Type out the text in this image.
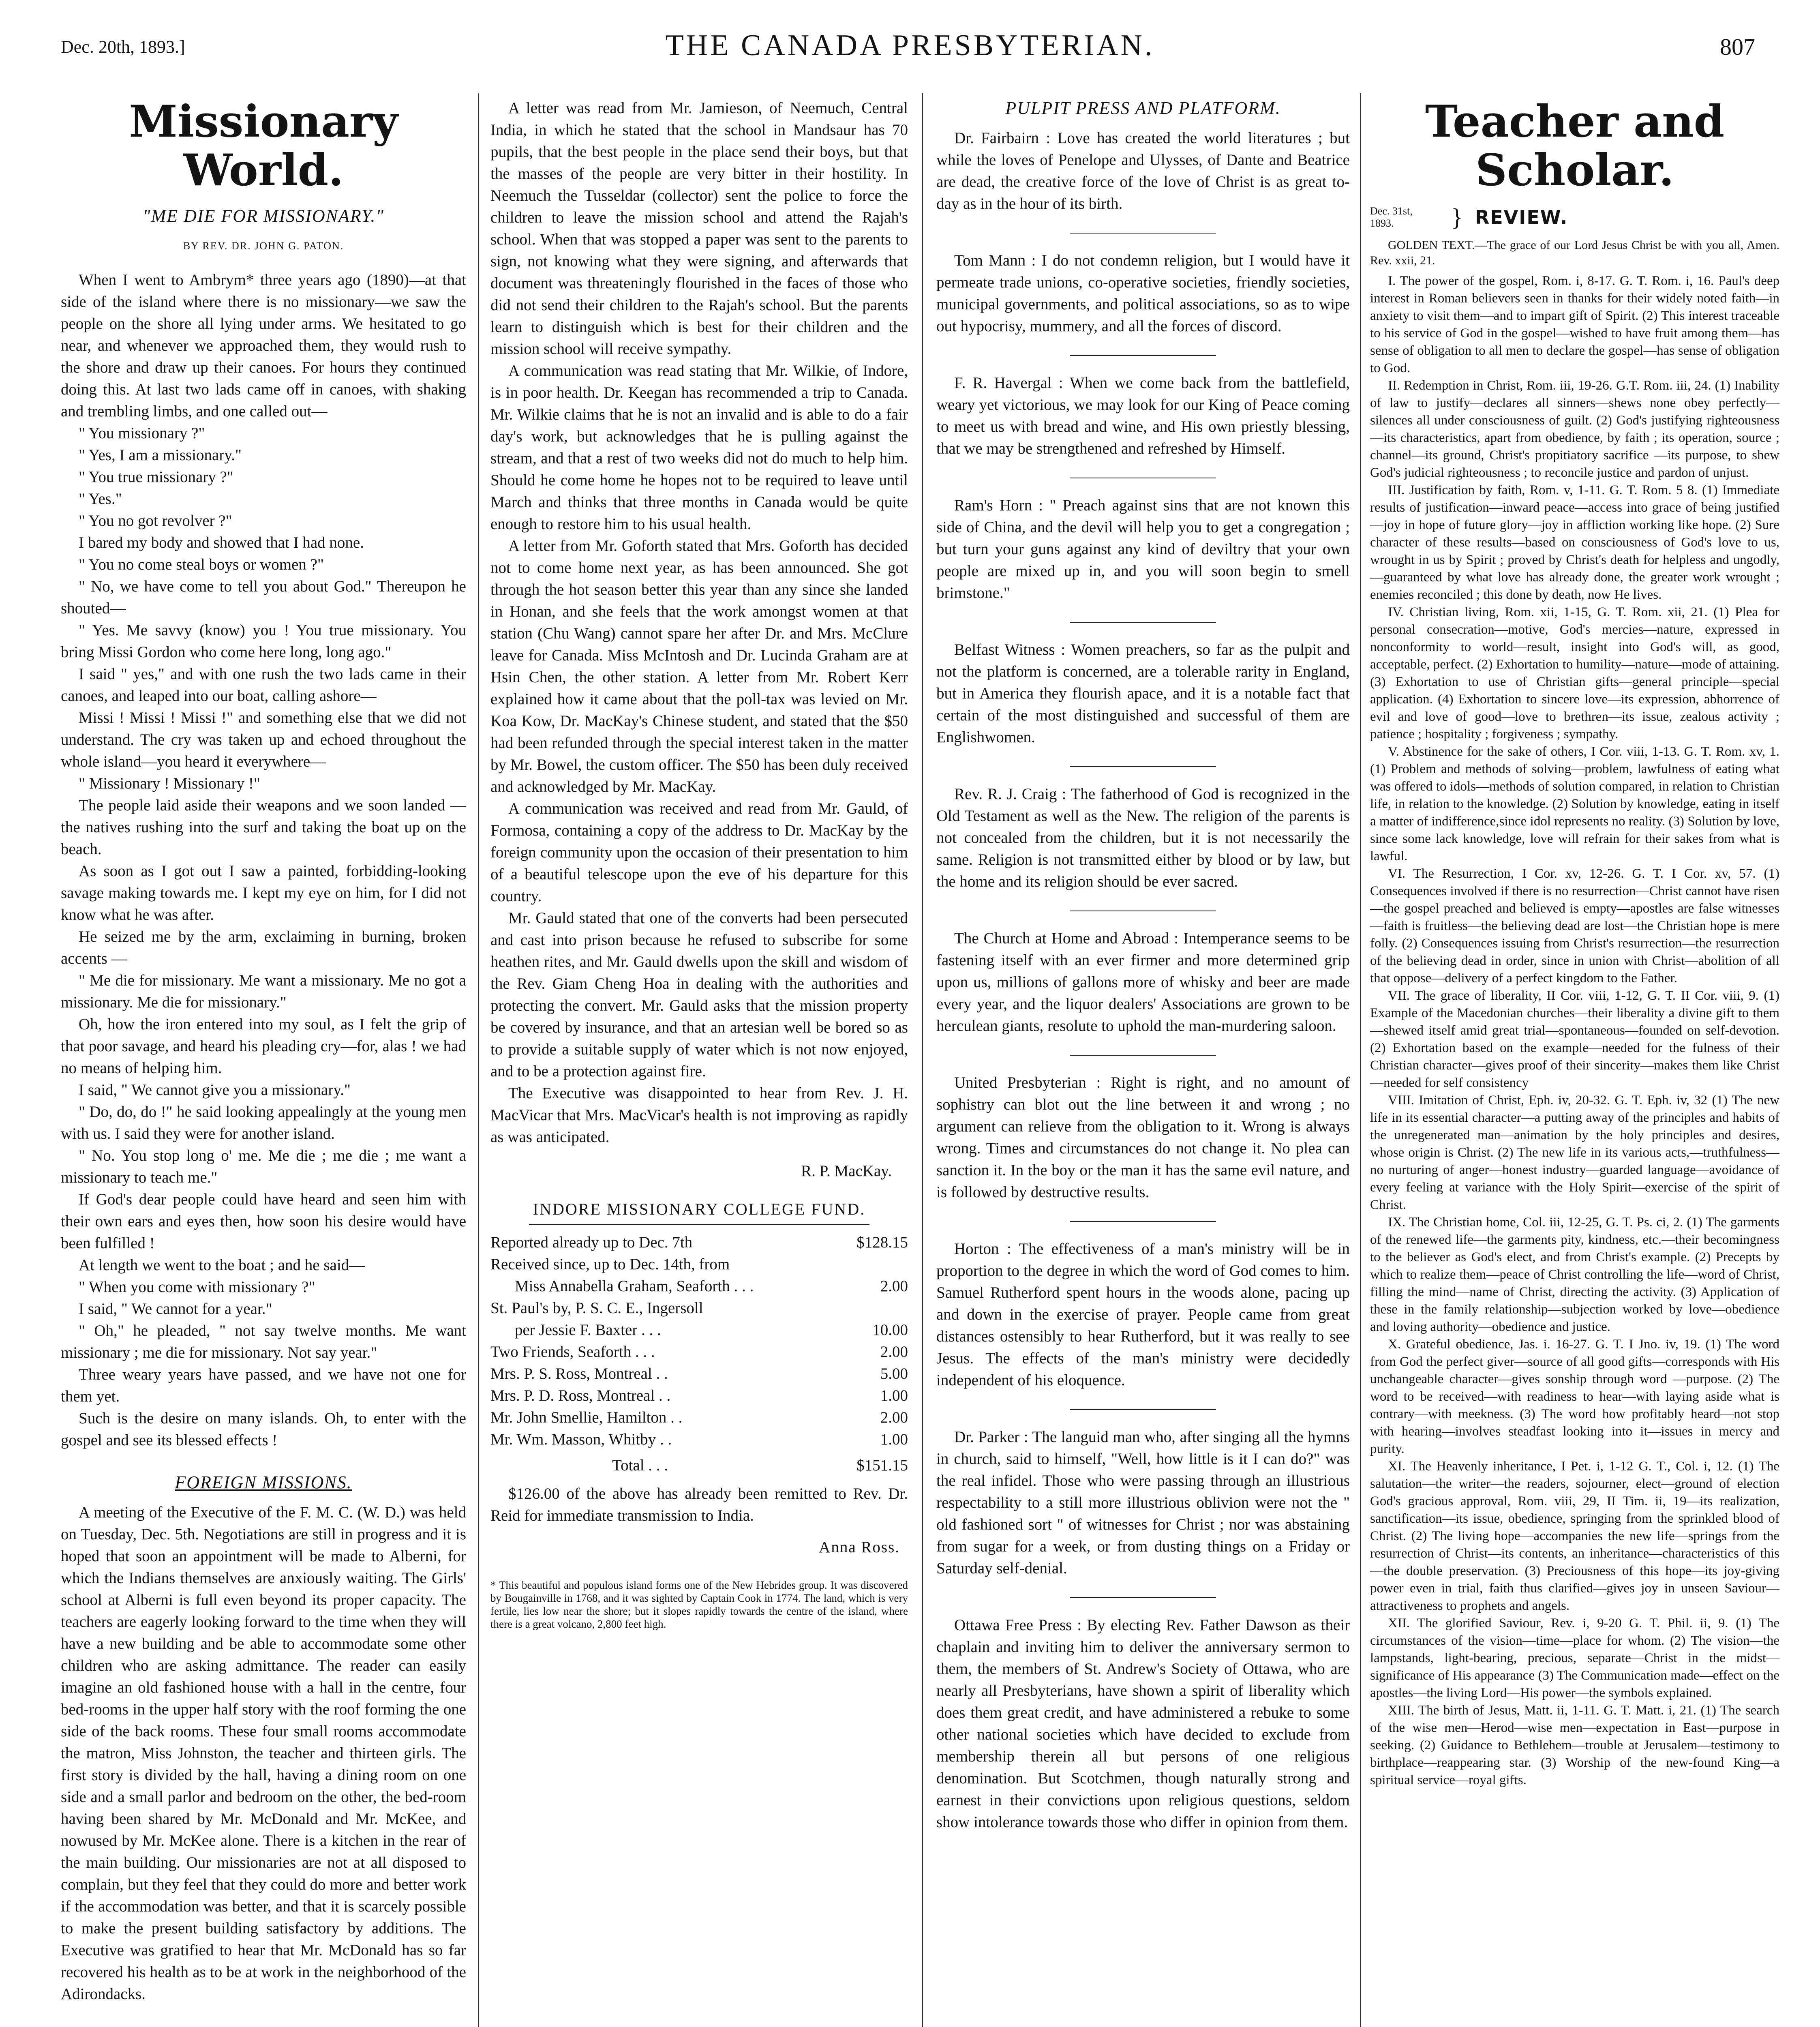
Dec. 20th, 1893.]	THE CANADA PRESBYTERIAN.	807
Missionary World.
"ME DIE FOR MISSIONARY."
BY REV. DR. JOHN G. PATON.

When I went to Ambrym* three years ago (1890)—at that side of the island where there is no missionary—we saw the people on the shore all lying under arms. We hesitated to go near, and whenever we approached them, they would rush to the shore and draw up their canoes. For hours they continued doing this. At last two lads came off in canoes, with shaking and trembling limbs, and one called out—

" You missionary ?"

" Yes, I am a missionary."

" You true missionary ?"

" Yes."

" You no got revolver ?"

I bared my body and showed that I had none.

" You no come steal boys or women ?"

" No, we have come to tell you about God." Thereupon he shouted—

" Yes. Me savvy (know) you ! You true missionary. You bring Missi Gordon who come here long, long ago."

I said " yes," and with one rush the two lads came in their canoes, and leaped into our boat, calling ashore—

Missi ! Missi ! Missi !" and something else that we did not understand. The cry was taken up and echoed throughout the whole island—you heard it everywhere—

" Missionary ! Missionary !"

The people laid aside their weapons and we soon landed — the natives rushing into the surf and taking the boat up on the beach.

As soon as I got out I saw a painted, forbidding-looking savage making towards me. I kept my eye on him, for I did not know what he was after.

He seized me by the arm, exclaiming in burning, broken accents —

" Me die for missionary. Me want a missionary. Me no got a missionary. Me die for missionary."

Oh, how the iron entered into my soul, as I felt the grip of that poor savage, and heard his pleading cry—for, alas ! we had no means of helping him.

I said, " We cannot give you a missionary."

" Do, do, do !" he said looking appealingly at the young men with us. I said they were for another island.

" No. You stop long o' me. Me die ; me die ; me want a missionary to teach me."

If God's dear people could have heard and seen him with their own ears and eyes then, how soon his desire would have been fulfilled !

At length we went to the boat ; and he said—

" When you come with missionary ?"

I said, " We cannot for a year."

" Oh," he pleaded, " not say twelve months. Me want missionary ; me die for missionary. Not say year."

Three weary years have passed, and we have not one for them yet.

Such is the desire on many islands. Oh, to enter with the gospel and see its blessed effects !

FOREIGN MISSIONS.

A meeting of the Executive of the F. M. C. (W. D.) was held on Tuesday, Dec. 5th. Negotiations are still in progress and it is hoped that soon an appointment will be made to Alberni, for which the Indians themselves are anxiously waiting. The Girls' school at Alberni is full even beyond its proper capacity. The teachers are eagerly looking forward to the time when they will have a new building and be able to accommodate some other children who are asking admittance. The reader can easily imagine an old fashioned house with a hall in the centre, four bed-rooms in the upper half story with the roof forming the one side of the back rooms. These four small rooms accommodate the matron, Miss Johnston, the teacher and thirteen girls. The first story is divided by the hall, having a dining room on one side and a small parlor and bedroom on the other, the bed-room having been shared by Mr. McDonald and Mr. McKee, and nowused by Mr. McKee alone. There is a kitchen in the rear of the main building. Our missionaries are not at all disposed to complain, but they feel that they could do more and better work if the accommodation was better, and that it is scarcely possible to make the present building satisfactory by additions. The Executive was gratified to hear that Mr. McDonald has so far recovered his health as to be at work in the neighborhood of the Adirondacks.

A letter was read from Mr. Jamieson, of Neemuch, Central India, in which he stated that the school in Mandsaur has 70 pupils, that the best people in the place send their boys, but that the masses of the people are very bitter in their hostility. In Neemuch the Tusseldar (collector) sent the police to force the children to leave the mission school and attend the Rajah's school. When that was stopped a paper was sent to the parents to sign, not knowing what they were signing, and afterwards that document was threateningly flourished in the faces of those who did not send their children to the Rajah's school. But the parents learn to distinguish which is best for their children and the mission school will receive sympathy.

A communication was read stating that Mr. Wilkie, of Indore, is in poor health. Dr. Keegan has recommended a trip to Canada. Mr. Wilkie claims that he is not an invalid and is able to do a fair day's work, but acknowledges that he is pulling against the stream, and that a rest of two weeks did not do much to help him. Should he come home he hopes not to be required to leave until March and thinks that three months in Canada would be quite enough to restore him to his usual health.

A letter from Mr. Goforth stated that Mrs. Goforth has decided not to come home next year, as has been announced. She got through the hot season better this year than any since she landed in Honan, and she feels that the work amongst women at that station (Chu Wang) cannot spare her after Dr. and Mrs. McClure leave for Canada. Miss McIntosh and Dr. Lucinda Graham are at Hsin Chen, the other station. A letter from Mr. Robert Kerr explained how it came about that the poll-tax was levied on Mr. Koa Kow, Dr. MacKay's Chinese student, and stated that the $50 had been refunded through the special interest taken in the matter by Mr. Bowel, the custom officer. The $50 has been duly received and acknowledged by Mr. MacKay.

A communication was received and read from Mr. Gauld, of Formosa, containing a copy of the address to Dr. MacKay by the foreign community upon the occasion of their presentation to him of a beautiful telescope upon the eve of his departure for this country.

Mr. Gauld stated that one of the converts had been persecuted and cast into prison because he refused to subscribe for some heathen rites, and Mr. Gauld dwells upon the skill and wisdom of the Rev. Giam Cheng Hoa in dealing with the authorities and protecting the convert. Mr. Gauld asks that the mission property be covered by insurance, and that an artesian well be bored so as to provide a suitable supply of water which is not now enjoyed, and to be a protection against fire.

The Executive was disappointed to hear from Rev. J. H. MacVicar that Mrs. MacVicar's health is not improving as rapidly as was anticipated.

R. P. MacKay.
INDORE MISSIONARY COLLEGE FUND.
Reported already up to Dec. 7th	$128.15
Received since, up to Dec. 14th, from
Miss Annabella Graham, Seaforth . . .	2.00
St. Paul's by, P. S. C. E., Ingersoll
per Jessie F. Baxter . . .	10.00
Two Friends, Seaforth . . .	2.00
Mrs. P. S. Ross, Montreal . .	5.00
Mrs. P. D. Ross, Montreal . .	1.00
Mr. John Smellie, Hamilton . .	2.00
Mr. Wm. Masson, Whitby . .	1.00
Total . . .	$151.15

$126.00 of the above has already been remitted to Rev. Dr. Reid for immediate transmission to India.

Anna Ross.
* This beautiful and populous island forms one of the New Hebrides group. It was discovered by Bougainville in 1768, and it was sighted by Captain Cook in 1774. The land, which is very fertile, lies low near the shore; but it slopes rapidly towards the centre of the island, where there is a great volcano, 2,800 feet high.
PULPIT PRESS AND PLATFORM.

Dr. Fairbairn : Love has created the world literatures ; but while the loves of Penelope and Ulysses, of Dante and Beatrice are dead, the creative force of the love of Christ is as great to-day as in the hour of its birth.

Tom Mann : I do not condemn religion, but I would have it permeate trade unions, co-operative societies, friendly societies, municipal governments, and political associations, so as to wipe out hypocrisy, mummery, and all the forces of discord.

F. R. Havergal : When we come back from the battlefield, weary yet victorious, we may look for our King of Peace coming to meet us with bread and wine, and His own priestly blessing, that we may be strengthened and refreshed by Himself.

Ram's Horn : " Preach against sins that are not known this side of China, and the devil will help you to get a congregation ; but turn your guns against any kind of deviltry that your own people are mixed up in, and you will soon begin to smell brimstone."

Belfast Witness : Women preachers, so far as the pulpit and not the platform is concerned, are a tolerable rarity in England, but in America they flourish apace, and it is a notable fact that certain of the most distinguished and successful of them are Englishwomen.

Rev. R. J. Craig : The fatherhood of God is recognized in the Old Testament as well as the New. The religion of the parents is not concealed from the children, but it is not necessarily the same. Religion is not transmitted either by blood or by law, but the home and its religion should be ever sacred.

The Church at Home and Abroad : Intemperance seems to be fastening itself with an ever firmer and more determined grip upon us, millions of gallons more of whisky and beer are made every year, and the liquor dealers' Associations are grown to be herculean giants, resolute to uphold the man-murdering saloon.

United Presbyterian : Right is right, and no amount of sophistry can blot out the line between it and wrong ; no argument can relieve from the obligation to it. Wrong is always wrong. Times and circumstances do not change it. No plea can sanction it. In the boy or the man it has the same evil nature, and is followed by destructive results.

Horton : The effectiveness of a man's ministry will be in proportion to the degree in which the word of God comes to him. Samuel Rutherford spent hours in the woods alone, pacing up and down in the exercise of prayer. People came from great distances ostensibly to hear Rutherford, but it was really to see Jesus. The effects of the man's ministry were decidedly independent of his eloquence.

Dr. Parker : The languid man who, after singing all the hymns in church, said to himself, "Well, how little is it I can do?" was the real infidel. Those who were passing through an illustrious respectability to a still more illustrious oblivion were not the " old fashioned sort " of witnesses for Christ ; nor was abstaining from sugar for a week, or from dusting things on a Friday or Saturday self-denial.

Ottawa Free Press : By electing Rev. Father Dawson as their chaplain and inviting him to deliver the anniversary sermon to them, the members of St. Andrew's Society of Ottawa, who are nearly all Presbyterians, have shown a spirit of liberality which does them great credit, and have administered a rebuke to some other national societies which have decided to exclude from membership therein all but persons of one religious denomination. But Scotchmen, though naturally strong and earnest in their convictions upon religious questions, seldom show intolerance towards those who differ in opinion from them.

Teacher and Scholar.
Dec. 31st,
1893.	} REVIEW.

GOLDEN TEXT.—The grace of our Lord Jesus Christ be with you all, Amen. Rev. xxii, 21.

I. The power of the gospel, Rom. i, 8-17. G. T. Rom. i, 16. Paul's deep interest in Roman believers seen in thanks for their widely noted faith—in anxiety to visit them—and to impart gift of Spirit. (2) This interest traceable to his service of God in the gospel—wished to have fruit among them—has sense of obligation to all men to declare the gospel—has sense of obligation to God.

II. Redemption in Christ, Rom. iii, 19-26. G.T. Rom. iii, 24. (1) Inability of law to justify—declares all sinners—shews none obey perfectly—silences all under consciousness of guilt. (2) God's justifying righteousness—its characteristics, apart from obedience, by faith ; its operation, source ; channel—its ground, Christ's propitiatory sacrifice —its purpose, to shew God's judicial righteousness ; to reconcile justice and pardon of unjust.

III. Justification by faith, Rom. v, 1-11. G. T. Rom. 5 8. (1) Immediate results of justification—inward peace—access into grace of being justified—joy in hope of future glory—joy in affliction working like hope. (2) Sure character of these results—based on consciousness of God's love to us, wrought in us by Spirit ; proved by Christ's death for helpless and ungodly,—guaranteed by what love has already done, the greater work wrought ; enemies reconciled ; this done by death, now He lives.

IV. Christian living, Rom. xii, 1-15, G. T. Rom. xii, 21. (1) Plea for personal consecration—motive, God's mercies—nature, expressed in nonconformity to world—result, insight into God's will, as good, acceptable, perfect. (2) Exhortation to humility—nature—mode of attaining. (3) Exhortation to use of Christian gifts—general principle—special application. (4) Exhortation to sincere love—its expression, abhorrence of evil and love of good—love to brethren—its issue, zealous activity ; patience ; hospitality ; forgiveness ; sympathy.

V. Abstinence for the sake of others, I Cor. viii, 1-13. G. T. Rom. xv, 1. (1) Problem and methods of solving—problem, lawfulness of eating what was offered to idols—methods of solution compared, in relation to Christian life, in relation to the knowledge. (2) Solution by knowledge, eating in itself a matter of indifference,since idol represents no reality. (3) Solution by love, since some lack knowledge, love will refrain for their sakes from what is lawful.

VI. The Resurrection, I Cor. xv, 12-26. G. T. I Cor. xv, 57. (1) Consequences involved if there is no resurrection—Christ cannot have risen—the gospel preached and believed is empty—apostles are false witnesses—faith is fruitless—the believing dead are lost—the Christian hope is mere folly. (2) Consequences issuing from Christ's resurrection—the resurrection of the believing dead in order, since in union with Christ—abolition of all that oppose—delivery of a perfect kingdom to the Father.

VII. The grace of liberality, II Cor. viii, 1-12, G. T. II Cor. viii, 9. (1) Example of the Macedonian churches—their liberality a divine gift to them—shewed itself amid great trial—spontaneous—founded on self-devotion. (2) Exhortation based on the example—needed for the fulness of their Christian character—gives proof of their sincerity—makes them like Christ—needed for self consistency

VIII. Imitation of Christ, Eph. iv, 20-32. G. T. Eph. iv, 32 (1) The new life in its essential character—a putting away of the principles and habits of the unregenerated man—animation by the holy principles and desires, whose origin is Christ. (2) The new life in its various acts,—truthfulness—no nurturing of anger—honest industry—guarded language—avoidance of every feeling at variance with the Holy Spirit—exercise of the spirit of Christ.

IX. The Christian home, Col. iii, 12-25, G. T. Ps. ci, 2. (1) The garments of the renewed life—the garments pity, kindness, etc.—their becomingness to the believer as God's elect, and from Christ's example. (2) Precepts by which to realize them—peace of Christ controlling the life—word of Christ, filling the mind—name of Christ, directing the activity. (3) Application of these in the family relationship—subjection worked by love—obedience and loving authority—obedience and justice.

X. Grateful obedience, Jas. i. 16-27. G. T. I Jno. iv, 19. (1) The word from God the perfect giver—source of all good gifts—corresponds with His unchangeable character—gives sonship through word —purpose. (2) The word to be received—with readiness to hear—with laying aside what is contrary—with meekness. (3) The word how profitably heard—not stop with hearing—involves steadfast looking into it—issues in mercy and purity.

XI. The Heavenly inheritance, I Pet. i, 1-12 G. T., Col. i, 12. (1) The salutation—the writer—the readers, sojourner, elect—ground of election God's gracious approval, Rom. viii, 29, II Tim. ii, 19—its realization, sanctification—its issue, obedience, springing from the sprinkled blood of Christ. (2) The living hope—accompanies the new life—springs from the resurrection of Christ—its contents, an inheritance—characteristics of this—the double preservation. (3) Preciousness of this hope—its joy-giving power even in trial, faith thus clarified—gives joy in unseen Saviour—attractiveness to prophets and angels.

XII. The glorified Saviour, Rev. i, 9-20 G. T. Phil. ii, 9. (1) The circumstances of the vision—time—place for whom. (2) The vision—the lampstands, light-bearing, precious, separate—Christ in the midst—significance of His appearance (3) The Communication made—effect on the apostles—the living Lord—His power—the symbols explained.

XIII. The birth of Jesus, Matt. ii, 1-11. G. T. Matt. i, 21. (1) The search of the wise men—Herod—wise men—expectation in East—purpose in seeking. (2) Guidance to Bethlehem—trouble at Jerusalem—testimony to birthplace—reappearing star. (3) Worship of the new-found King—a spiritual service—royal gifts.
